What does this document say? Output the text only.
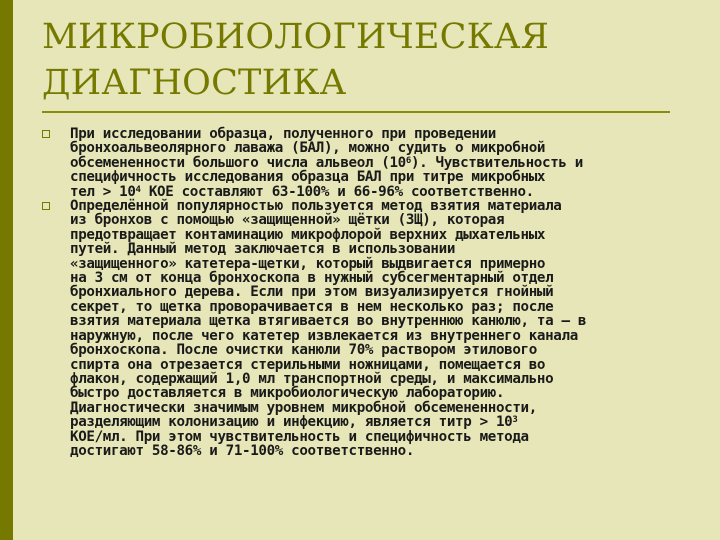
МИКРОБИОЛОГИЧЕСКАЯ
ДИАГНОСТИКА
При исследовании образца, полученного при проведении
бронхоальвеолярного лаважа (БАЛ), можно судить о микробной
обсемененности большого числа альвеол $(10^6)$. Чувствительность и
специфичность исследования образца БАЛ при титре микробных
тел > $10^4$ КОЕ составляют 63-100% и 66-96% соответственно.
Определённой популярностью пользуется метод взятия материала
из бронхов с помощью «защищенной» щётки (ЗЩ), которая
предотвращает контаминацию микрофлорой верхних дыхательных
путей. Данный метод заключается в использовании
«защищенного» катетера-щетки, который выдвигается примерно
на 3 см от конца бронхоскопа в нужный субсегментарный отдел
бронхиального дерева. Если при этом визуализируется гнойный
секрет, то щетка проворачивается в нем несколько раз; после
взятия материала щетка втягивается во внутреннюю канюлю, та – в
наружную, после чего катетер извлекается из внутреннего канала
бронхоскопа. После очистки канюли 70% раствором этилового
спирта она отрезается стерильными ножницами, помещается во
флакон, содержащий 1,0 мл транспортной среды, и максимально
быстро доставляется в микробиологическую лабораторию.
Диагностически значимым уровнем микробной обсемененности,
разделяющим колонизацию и инфекцию, является титр > $10^3$
КОЕ/мл. При этом чувствительность и специфичность метода
достигают 58-86% и 71-100% соответственно.
